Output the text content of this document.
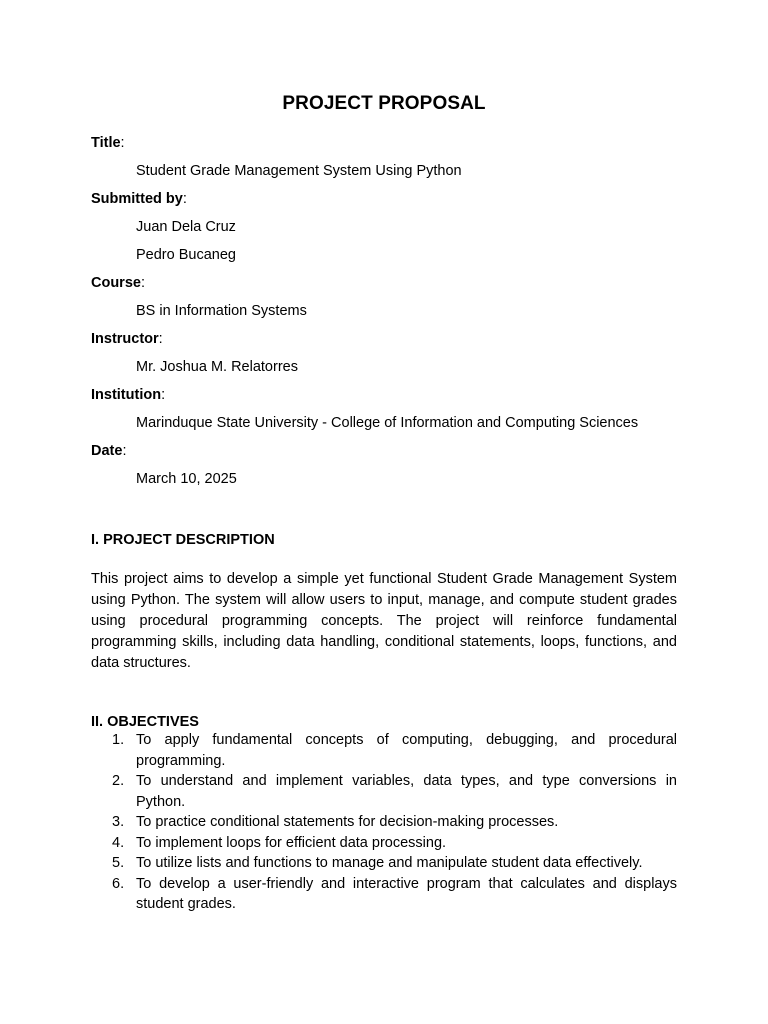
PROJECT PROPOSAL
Title:
Student Grade Management System Using Python
Submitted by:
Juan Dela Cruz
Pedro Bucaneg
Course:
BS in Information Systems
Instructor:
Mr. Joshua M. Relatorres
Institution:
Marinduque State University - College of Information and Computing Sciences
Date:
March 10, 2025
I. PROJECT DESCRIPTION

This project aims to develop a simple yet functional Student Grade Management System using Python. The system will allow users to input, manage, and compute student grades using procedural programming concepts. The project will reinforce fundamental programming skills, including data handling, conditional statements, loops, functions, and data structures.

II. OBJECTIVES
1. To apply fundamental concepts of computing, debugging, and procedural programming.
2. To understand and implement variables, data types, and type conversions in Python.
3. To practice conditional statements for decision-making processes.
4. To implement loops for efficient data processing.
5. To utilize lists and functions to manage and manipulate student data effectively.
6. To develop a user-friendly and interactive program that calculates and displays student grades.
